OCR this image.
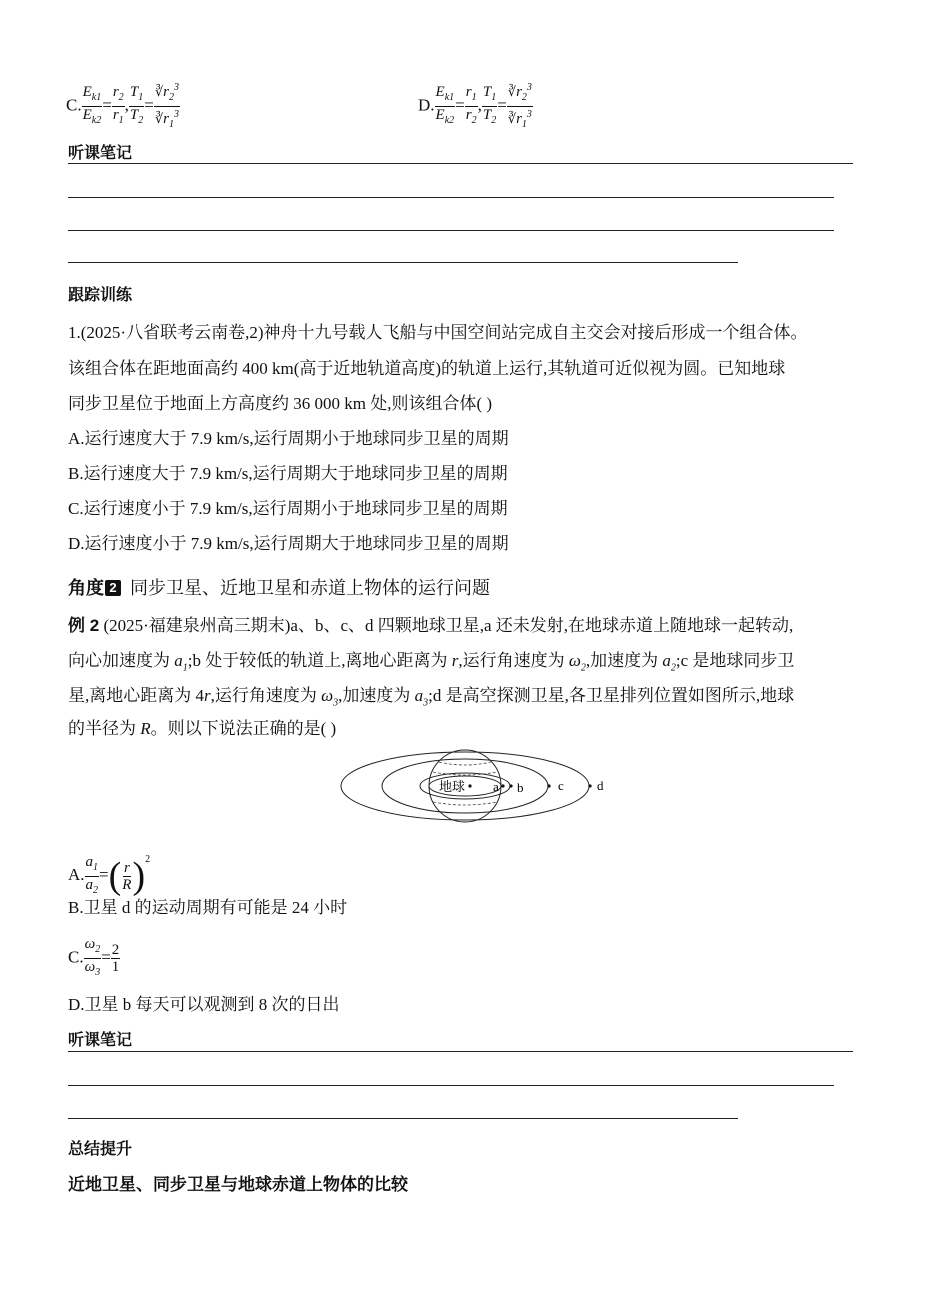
C. $\frac{E_{k1}}{E_{k2}} = \frac{r_2}{r_1}$ , $\frac{T_1}{T_2} = \frac{∛r_2^3}{∛r_1^3}$	D. $\frac{E_{k1}}{E_{k2}} = \frac{r_1}{r_2}$ , $\frac{T_1}{T_2} = \frac{∛r_2^3}{∛r_1^3}$
听课笔记
跟踪训练
1.(2025·八省联考云南卷,2)神舟十九号载人飞船与中国空间站完成自主交会对接后形成一个组合体。
该组合体在距地面高约 400 km(高于近地轨道高度)的轨道上运行,其轨道可近似视为圆。已知地球
同步卫星位于地面上方高度约 36 000 km 处,则该组合体( )
A.运行速度大于 7.9 km/s,运行周期小于地球同步卫星的周期
B.运行速度大于 7.9 km/s,运行周期大于地球同步卫星的周期
C.运行速度小于 7.9 km/s,运行周期小于地球同步卫星的周期
D.运行速度小于 7.9 km/s,运行周期大于地球同步卫星的周期
角度 2 同步卫星、近地卫星和赤道上物体的运行问题
例 2 (2025·福建泉州高三期末)a、b、c、d 四颗地球卫星,a 还未发射,在地球赤道上随地球一起转动,
向心加速度为 $a_1;b$ 处于较低的轨道上,离地心距离为 r,运行角速度为 $\omega_2$,加速度为 $a_2;c$ 是地球同步卫
星,离地心距离为 4r,运行角速度为 $\omega_3$,加速度为 $a_3;d$ 是高空探测卫星,各卫星排列位置如图所示,地球
的半径为 R。则以下说法正确的是( )
地球 a b	c	d
A. $\frac{a_1}{a_2}$ =( $\frac{r}{R} )^2$
B.卫星 d 的运动周期有可能是 24 小时
C. $\frac{\omega_2}{\omega_3} = \frac{2}{1}$
D.卫星 b 每天可以观测到 8 次的日出
听课笔记
总结提升
近地卫星、同步卫星与地球赤道上物体的比较
